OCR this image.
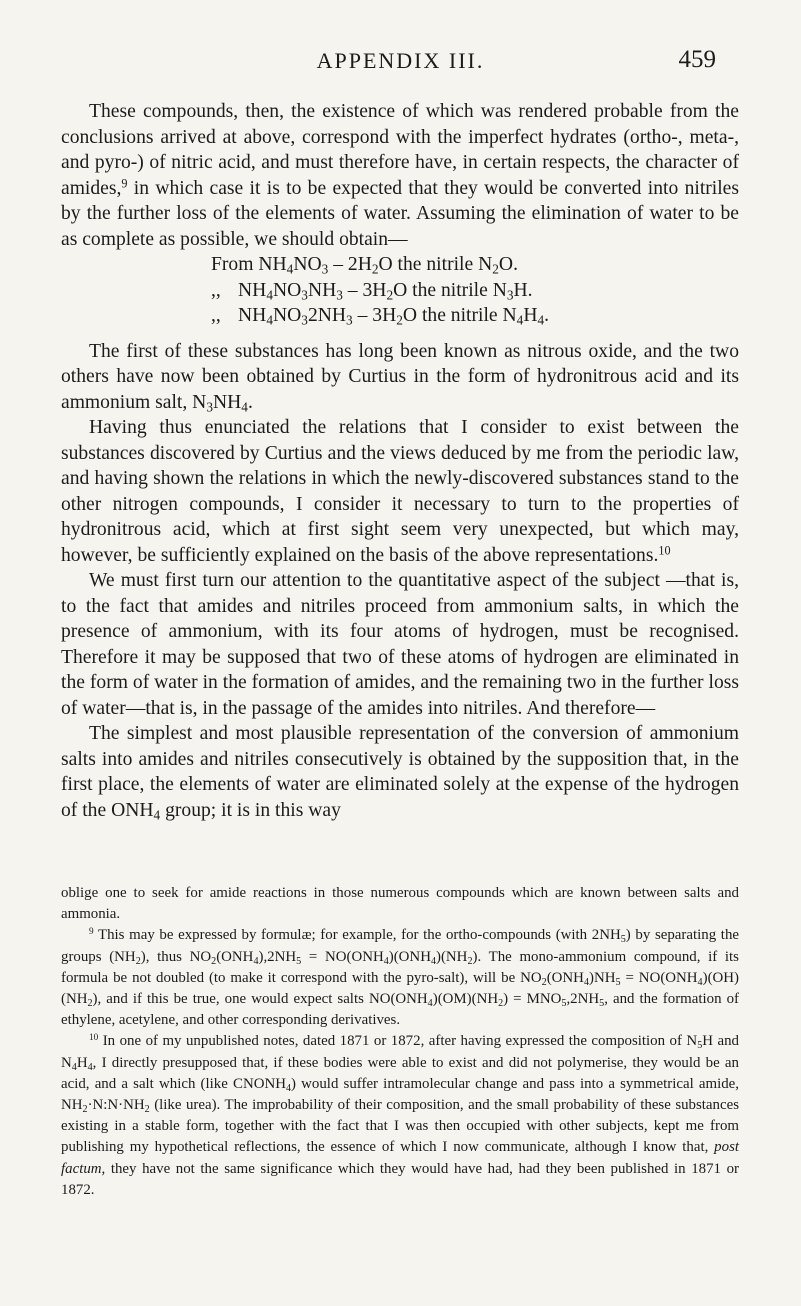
APPENDIX III.	459

These compounds, then, the existence of which was rendered probable from the conclusions arrived at above, correspond with the imperfect hydrates (ortho-, meta-, and pyro-) of nitric acid, and must therefore have, in certain respects, the character of amides,$^9$ in which case it is to be expected that they would be converted into nitriles by the further loss of the elements of water. Assuming the elimination of water to be as complete as possible, we should obtain—

From $NH_4NO_3 - 2H_2O$ the nitrile $N_2O$.
,, $NH_4NO_3NH_3 - 3H_2O$ the nitrile $N_3H$.
,, $NH_4NO_32NH_3 - 3H_2O$ the nitrile $N_4H_4$.

The first of these substances has long been known as nitrous oxide, and the two others have now been obtained by Curtius in the form of hydronitrous acid and its ammonium salt, $N_3NH_4$.

Having thus enunciated the relations that I consider to exist between the substances discovered by Curtius and the views deduced by me from the periodic law, and having shown the relations in which the newly-discovered substances stand to the other nitrogen compounds, I consider it necessary to turn to the properties of hydronitrous acid, which at first sight seem very unexpected, but which may, however, be sufficiently explained on the basis of the above representations.$^{10}$

We must first turn our attention to the quantitative aspect of the subject —that is, to the fact that amides and nitriles proceed from ammonium salts, in which the presence of ammonium, with its four atoms of hydrogen, must be recognised. Therefore it may be supposed that two of these atoms of hydrogen are eliminated in the form of water in the formation of amides, and the remaining two in the further loss of water—that is, in the passage of the amides into nitriles. And therefore—

The simplest and most plausible representation of the conversion of ammonium salts into amides and nitriles consecutively is obtained by the supposition that, in the first place, the elements of water are eliminated solely at the expense of the hydrogen of the $ONH_4$ group; it is in this way

oblige one to seek for amide reactions in those numerous compounds which are known between salts and ammonia.

$^9$ This may be expressed by formulæ; for example, for the ortho-compounds (with $2NH_5$) by separating the groups $(NH_2)$, thus $NO_2(ONH_4),2NH_5 = NO(ONH_4)(ONH_4)(NH_2)$. The mono-ammonium compound, if its formula be not doubled (to make it correspond with the pyro-salt), will be $NO_2(ONH_4)NH_5 = NO(ONH_4)(OH)(NH_2)$, and if this be true, one would expect salts $NO(ONH_4)(OM)(NH_2) = MNO_5,2NH_5$, and the formation of ethylene, acetylene, and other corresponding derivatives.

$^{10}$ In one of my unpublished notes, dated 1871 or 1872, after having expressed the composition of $N_5H$ and $N_4H_4$, I directly presupposed that, if these bodies were able to exist and did not polymerise, they would be an acid, and a salt which (like $CNONH_4$) would suffer intramolecular change and pass into a symmetrical amide, $NH_2\cdot N:N\cdot NH_2$ (like urea). The improbability of their composition, and the small probability of these substances existing in a stable form, together with the fact that I was then occupied with other subjects, kept me from publishing my hypothetical reflections, the essence of which I now communicate, although I know that, post factum, they have not the same significance which they would have had, had they been published in 1871 or 1872.
